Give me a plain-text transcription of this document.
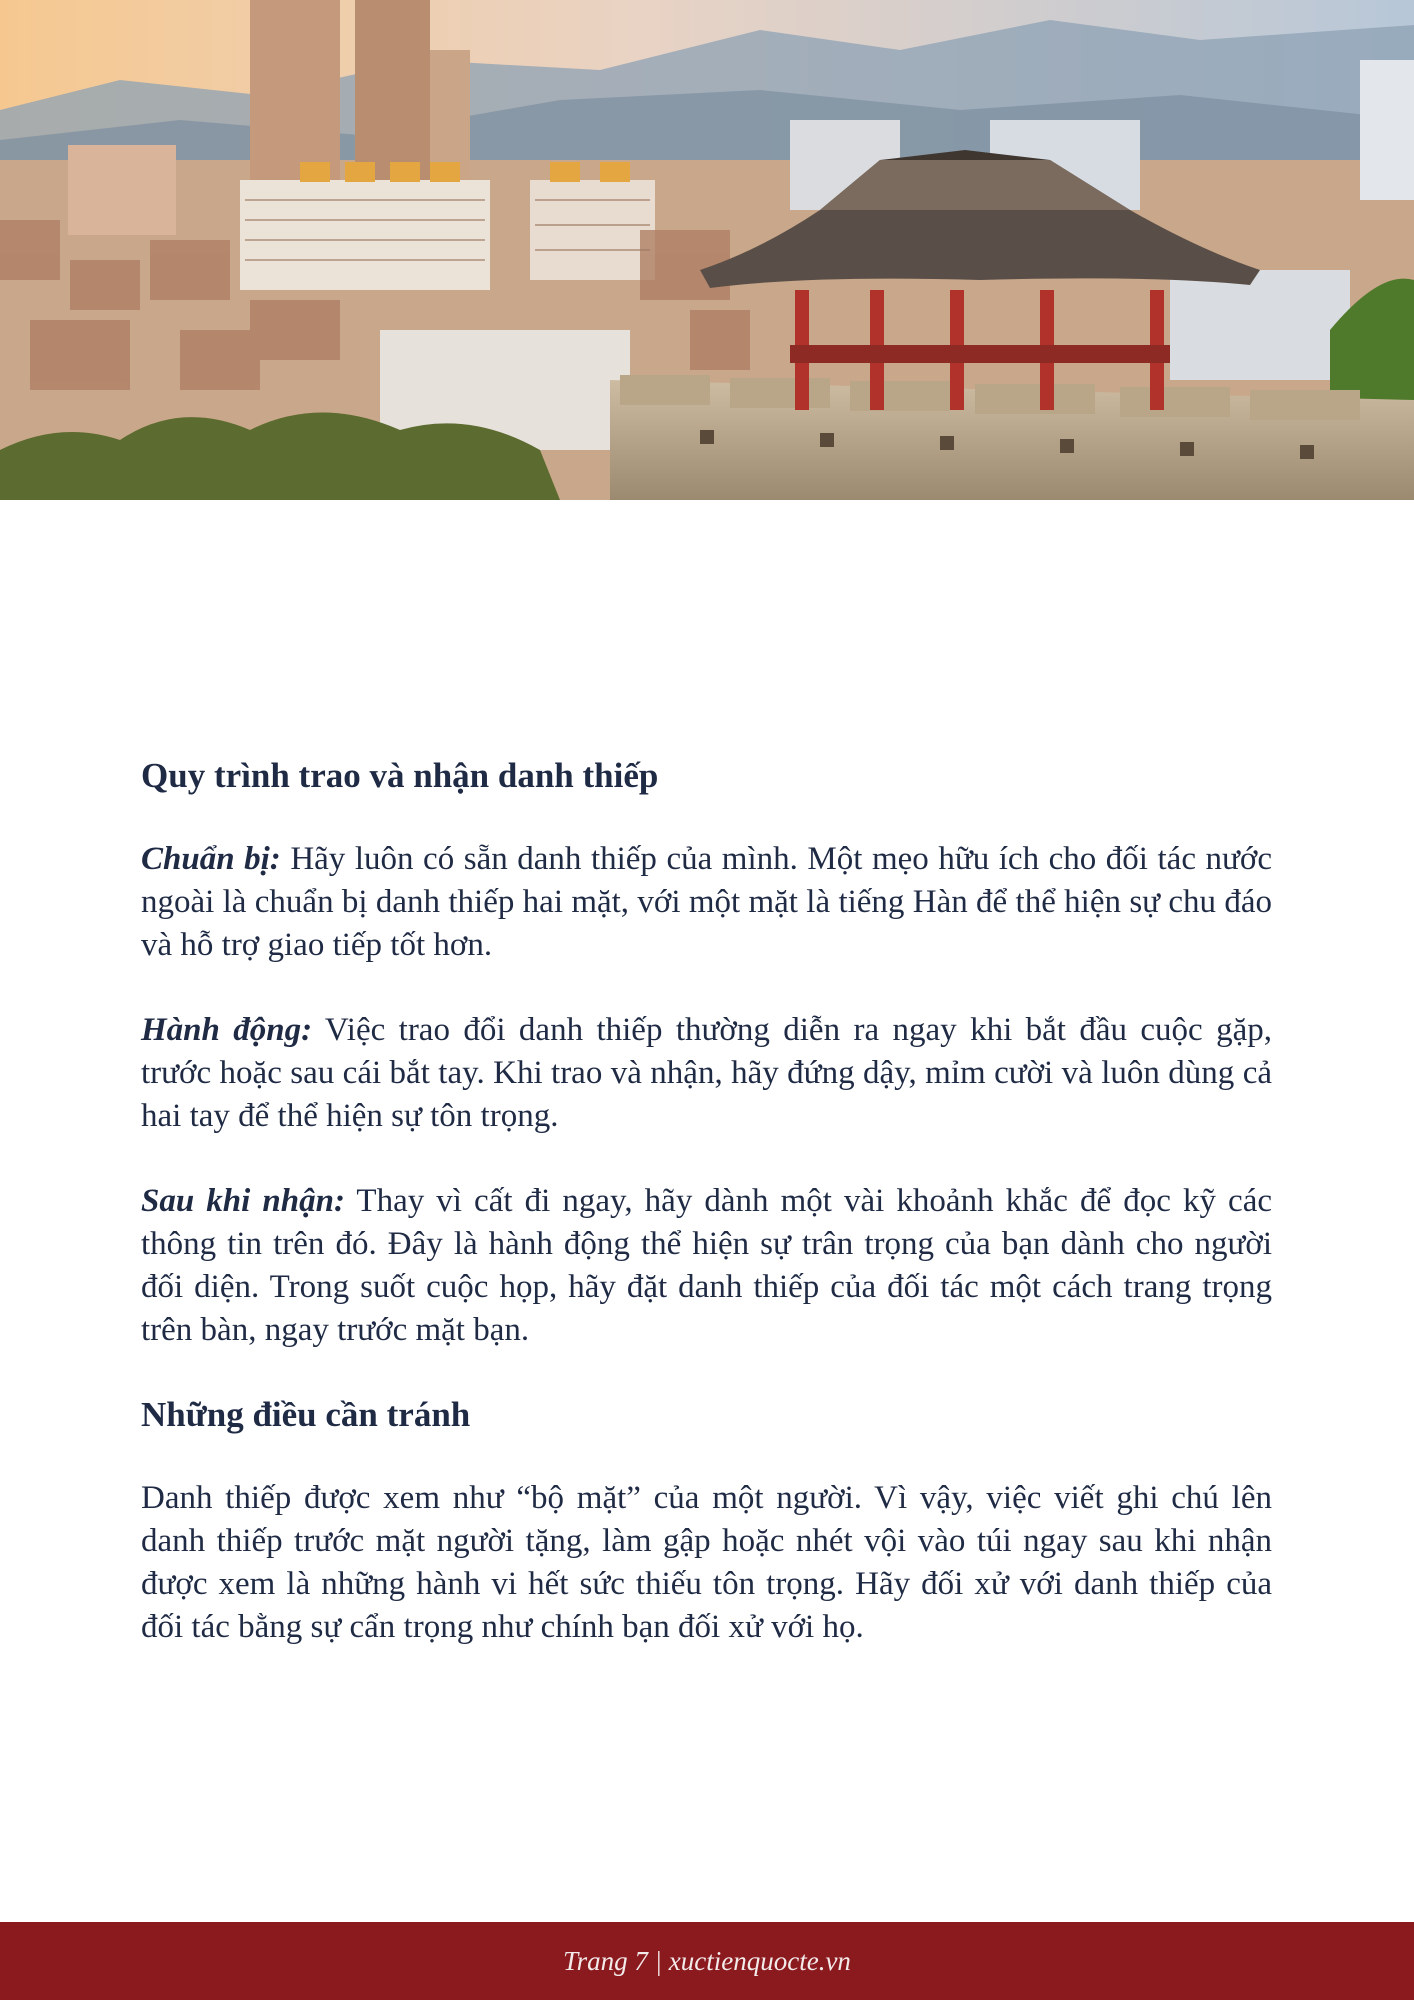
Quy trình trao và nhận danh thiếp

Chuẩn bị: Hãy luôn có sẵn danh thiếp của mình. Một mẹo hữu ích cho đối tác nước ngoài là chuẩn bị danh thiếp hai mặt, với một mặt là tiếng Hàn để thể hiện sự chu đáo và hỗ trợ giao tiếp tốt hơn.

Hành động: Việc trao đổi danh thiếp thường diễn ra ngay khi bắt đầu cuộc gặp, trước hoặc sau cái bắt tay. Khi trao và nhận, hãy đứng dậy, mỉm cười và luôn dùng cả hai tay để thể hiện sự tôn trọng.

Sau khi nhận: Thay vì cất đi ngay, hãy dành một vài khoảnh khắc để đọc kỹ các thông tin trên đó. Đây là hành động thể hiện sự trân trọng của bạn dành cho người đối diện. Trong suốt cuộc họp, hãy đặt danh thiếp của đối tác một cách trang trọng trên bàn, ngay trước mặt bạn.

Những điều cần tránh

Danh thiếp được xem như “bộ mặt” của một người. Vì vậy, việc viết ghi chú lên danh thiếp trước mặt người tặng, làm gập hoặc nhét vội vào túi ngay sau khi nhận được xem là những hành vi hết sức thiếu tôn trọng. Hãy đối xử với danh thiếp của đối tác bằng sự cẩn trọng như chính bạn đối xử với họ.

Trang 7 | xuctienquocte.vn
